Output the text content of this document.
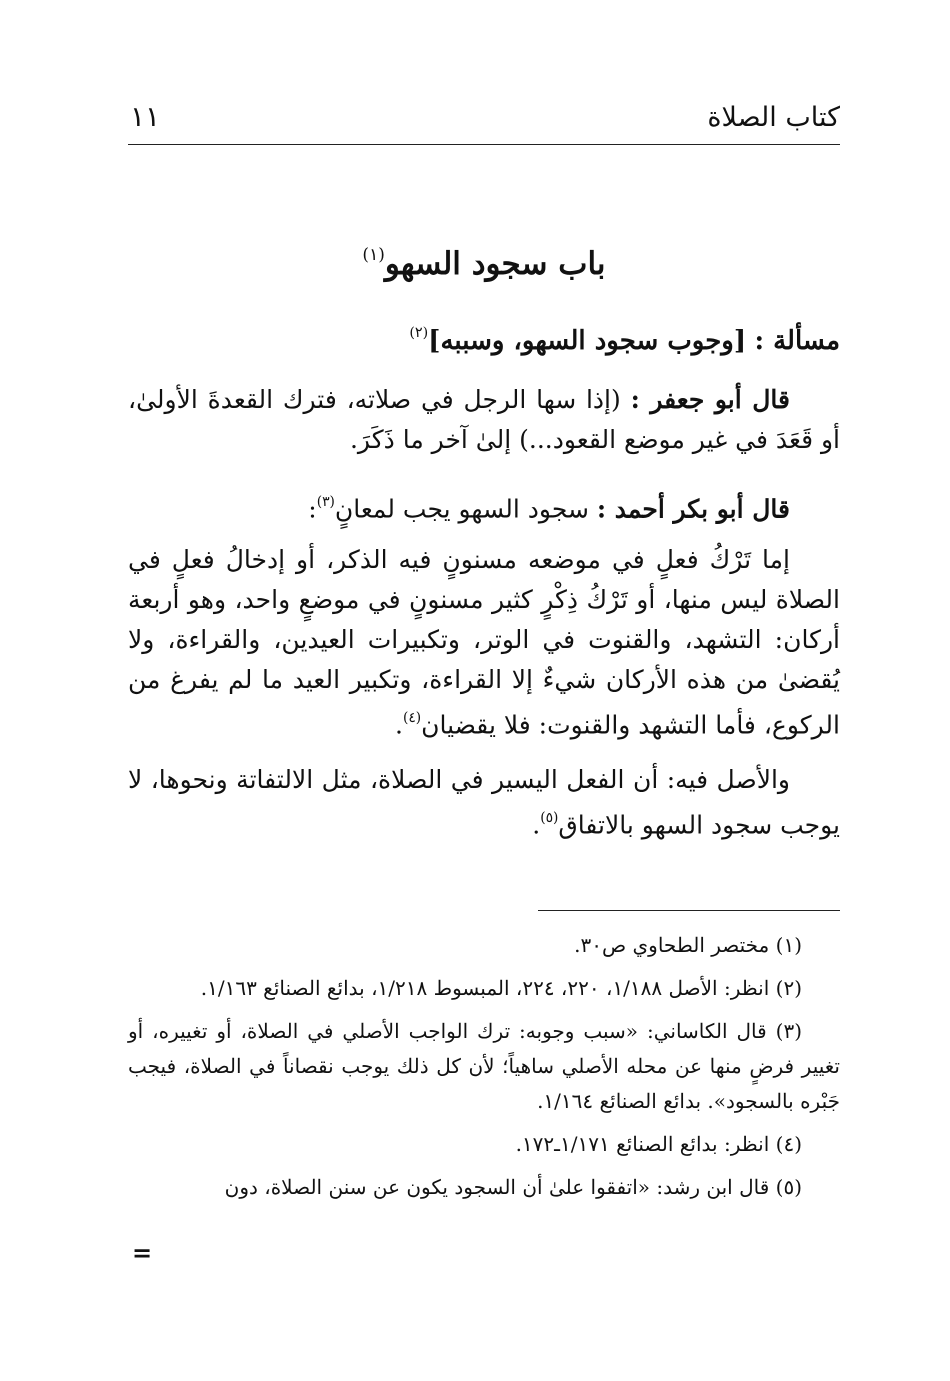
كتاب الصلاة
١١
باب سجود السهو$^{(١)}$
مسألة : [وجوب سجود السهو، وسببه]$^{(٢)}$

قال أبو جعفر : (إذا سها الرجل في صلاته، فترك القعدةَ الأولىٰ، أو قَعَدَ في غير موضع القعود...) إلىٰ آخر ما ذَكَرَ.

قال أبو بكر أحمد : سجود السهو يجب لمعانٍ$^{(٣)}$:

إما تَرْكُ فعلٍ في موضعه مسنونٍ فيه الذكر، أو إدخالُ فعلٍ في الصلاة ليس منها، أو تَرْكُ ذِكْرٍ كثير مسنونٍ في موضعٍ واحد، وهو أربعة أركان: التشهد، والقنوت في الوتر، وتكبيرات العيدين، والقراءة، ولا يُقضىٰ من هذه الأركان شيءٌ إلا القراءة، وتكبير العيد ما لم يفرغ من الركوع، فأما التشهد والقنوت: فلا يقضيان$^{(٤)}$.

والأصل فيه: أن الفعل اليسير في الصلاة، مثل الالتفاتة ونحوها، لا يوجب سجود السهو بالاتفاق$^{(٥)}$.

(١) مختصر الطحاوي ص٣٠.

(٢) انظر: الأصل ١/١٨٨، ٢٢٠، ٢٢٤، المبسوط ١/٢١٨، بدائع الصنائع ١/١٦٣.

(٣) قال الكاساني: «سبب وجوبه: ترك الواجب الأصلي في الصلاة، أو تغييره، أو تغيير فرضٍ منها عن محله الأصلي ساهياً؛ لأن كل ذلك يوجب نقصاناً في الصلاة، فيجب جَبْره بالسجود». بدائع الصنائع ١/١٦٤.

(٤) انظر: بدائع الصنائع ١/١٧١ـ١٧٢.

(٥) قال ابن رشد: «اتفقوا علىٰ أن السجود يكون عن سنن الصلاة، دون

=
